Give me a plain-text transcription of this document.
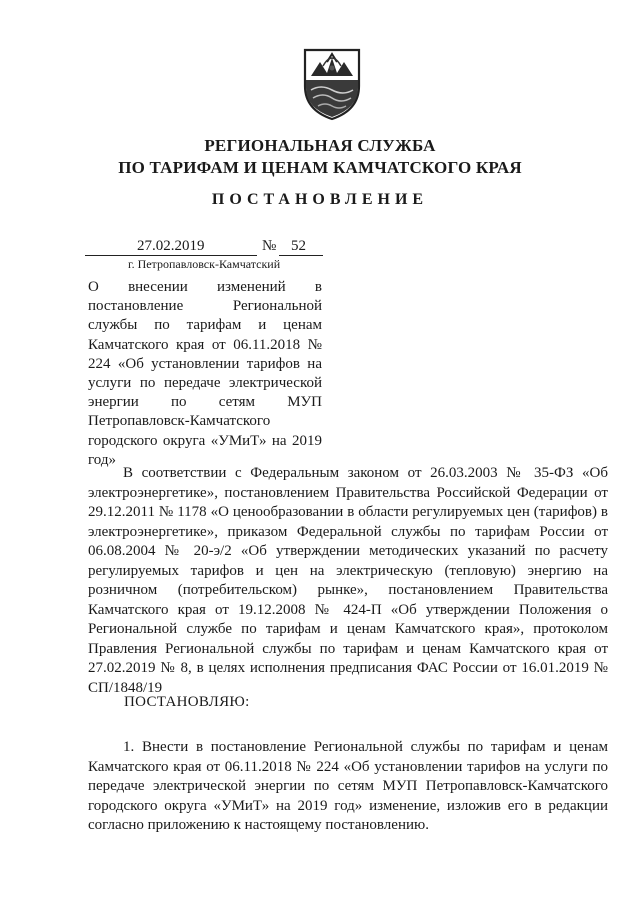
РЕГИОНАЛЬНАЯ СЛУЖБА
ПО ТАРИФАМ И ЦЕНАМ КАМЧАТСКОГО КРАЯ
ПОСТАНОВЛЕНИЕ
27.02.2019	№ 52
г. Петропавловск-Камчатский
О внесении изменений в постановление Региональной службы по тарифам и ценам Камчатского края от 06.11.2018 № 224 «Об установлении тарифов на услуги по передаче электрической энергии по сетям МУП Петропавловск-Камчатского городского округа «УМиТ» на 2019 год»
В соответствии с Федеральным законом от 26.03.2003 № 35-ФЗ «Об электроэнергетике», постановлением Правительства Российской Федерации от 29.12.2011 № 1178 «О ценообразовании в области регулируемых цен (тарифов) в электроэнергетике», приказом Федеральной службы по тарифам России от 06.08.2004 № 20-э/2 «Об утверждении методических указаний по расчету регулируемых тарифов и цен на электрическую (тепловую) энергию на розничном (потребительском) рынке», постановлением Правительства Камчатского края от 19.12.2008 № 424-П «Об утверждении Положения о Региональной службе по тарифам и ценам Камчатского края», протоколом Правления Региональной службы по тарифам и ценам Камчатского края от 27.02.2019 № 8, в целях исполнения предписания ФАС России от 16.01.2019 № СП/1848/19
ПОСТАНОВЛЯЮ:
1. Внести в постановление Региональной службы по тарифам и ценам Камчатского края от 06.11.2018 № 224 «Об установлении тарифов на услуги по передаче электрической энергии по сетям МУП Петропавловск-Камчатского городского округа «УМиТ» на 2019 год» изменение, изложив его в редакции согласно приложению к настоящему постановлению.
